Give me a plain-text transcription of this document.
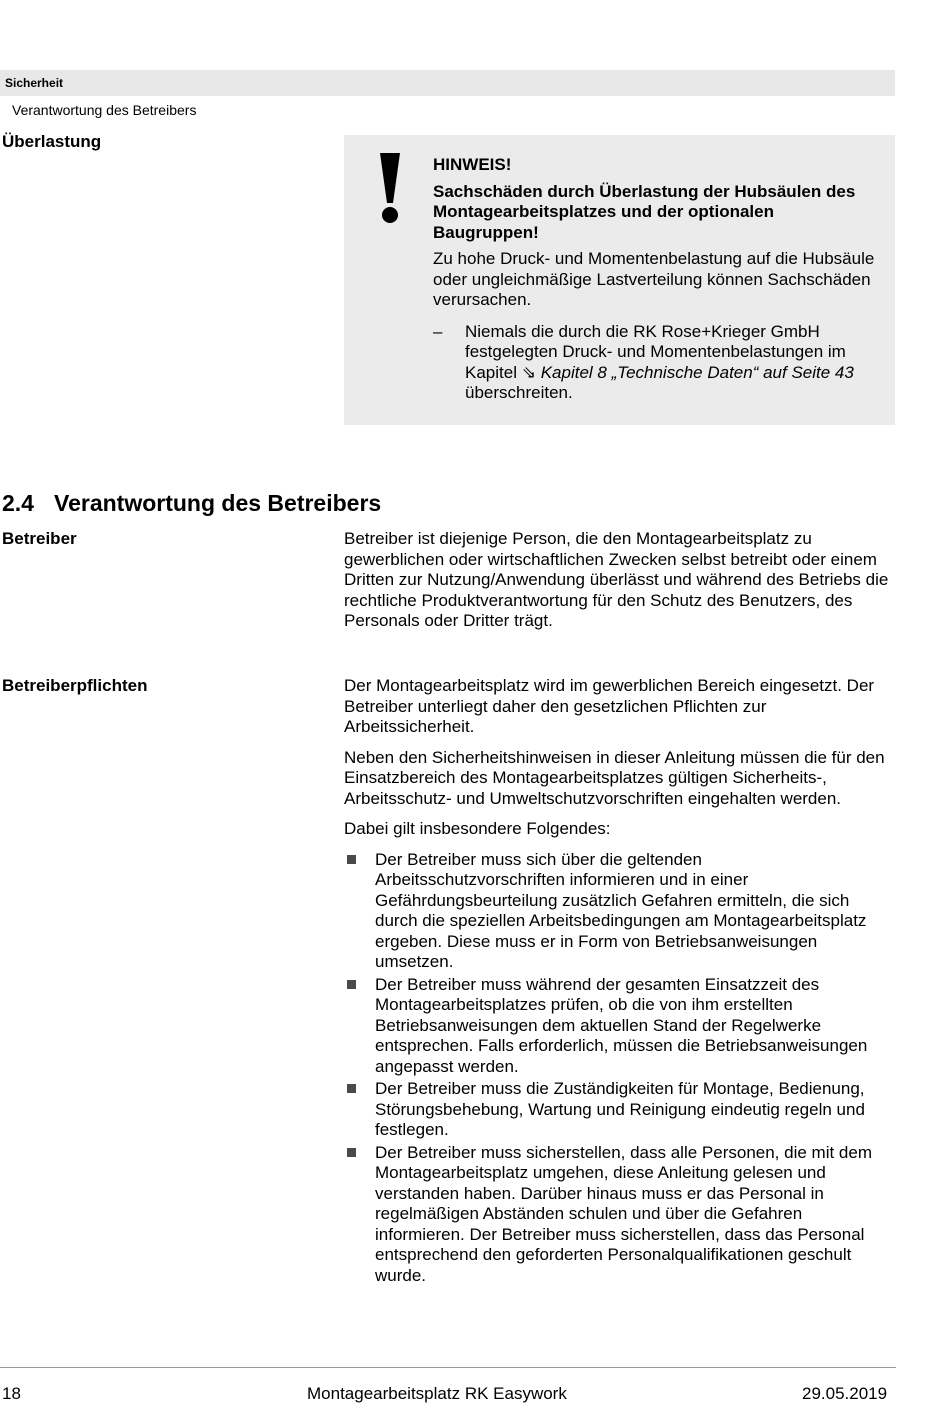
Sicherheit
Verantwortung des Betreibers
Überlastung

HINWEIS!

Sachschäden durch Überlastung der Hubsäulen des Montagearbeitsplatzes und der optionalen Baugruppen!

Zu hohe Druck- und Momentenbelastung auf die Hubsäule oder ungleichmäßige Lastverteilung können Sachschäden verursachen.

– Niemals die durch die RK Rose+Krieger GmbH festgelegten Druck- und Momentenbelastungen im Kapitel ⇘ Kapitel 8 „Technische Daten“ auf Seite 43 überschreiten.
2.4 Verantwortung des Betreibers
Betreiber	Betreiber ist diejenige Person, die den Montagearbeitsplatz zu gewerblichen oder wirtschaftlichen Zwecken selbst betreibt oder einem Dritten zur Nutzung/Anwendung überlässt und während des Betriebs die rechtliche Produktverantwortung für den Schutz des Benutzers, des Personals oder Dritter trägt.

Betreiberpflichten	Der Montagearbeitsplatz wird im gewerblichen Bereich eingesetzt. Der Betreiber unterliegt daher den gesetzlichen Pflichten zur Arbeitssicherheit.

Neben den Sicherheitshinweisen in dieser Anleitung müssen die für den Einsatzbereich des Montagearbeitsplatzes gültigen Sicherheits-, Arbeitsschutz- und Umweltschutzvorschriften eingehalten werden.

Dabei gilt insbesondere Folgendes:

Der Betreiber muss sich über die geltenden Arbeitsschutzvorschriften informieren und in einer Gefährdungsbeurteilung zusätzlich Gefahren ermitteln, die sich durch die speziellen Arbeitsbedingungen am Montagearbeitsplatz ergeben. Diese muss er in Form von Betriebsanweisungen umsetzen.
Der Betreiber muss während der gesamten Einsatzzeit des Montagearbeitsplatzes prüfen, ob die von ihm erstellten Betriebsanweisungen dem aktuellen Stand der Regelwerke entsprechen. Falls erforderlich, müssen die Betriebsanweisungen angepasst werden.
Der Betreiber muss die Zuständigkeiten für Montage, Bedienung, Störungsbehebung, Wartung und Reinigung eindeutig regeln und festlegen.
Der Betreiber muss sicherstellen, dass alle Personen, die mit dem Montagearbeitsplatz umgehen, diese Anleitung gelesen und verstanden haben. Darüber hinaus muss er das Personal in regelmäßigen Abständen schulen und über die Gefahren informieren. Der Betreiber muss sicherstellen, dass das Personal entsprechend den geforderten Personalqualifikationen geschult wurde.
18	Montagearbeitsplatz RK Easywork	29.05.2019
